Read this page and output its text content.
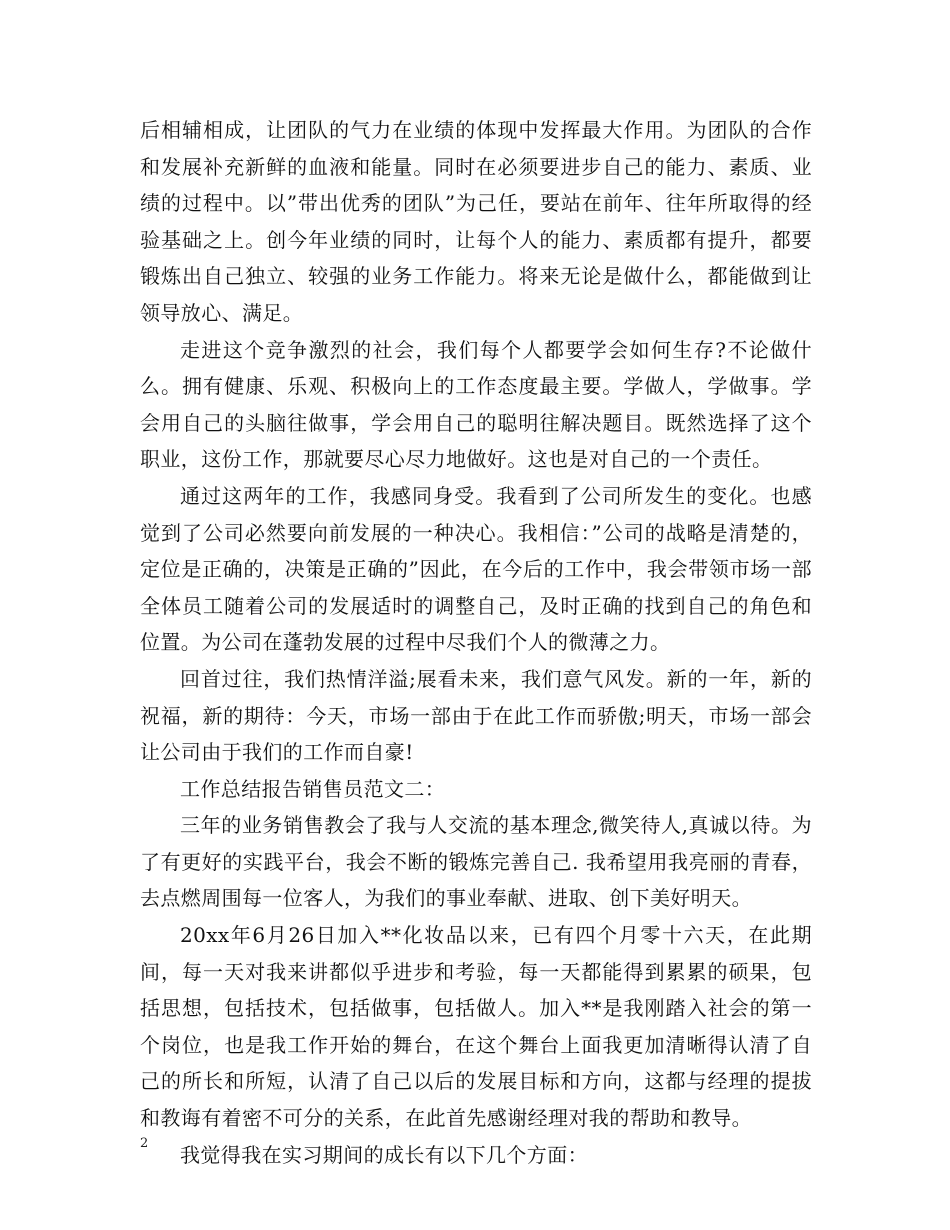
后相辅相成，让团队的气力在业绩的体现中发挥最大作用。为团队的合作和发展补充新鲜的血液和能量。同时在必须要进步自己的能力、素质、业绩的过程中。以”带出优秀的团队”为己任，要站在前年、往年所取得的经验基础之上。创今年业绩的同时，让每个人的能力、素质都有提升，都要锻炼出自己独立、较强的业务工作能力。将来无论是做什么，都能做到让领导放心、满足。

走进这个竞争激烈的社会，我们每个人都要学会如何生存?不论做什么。拥有健康、乐观、积极向上的工作态度最主要。学做人，学做事。学会用自己的头脑往做事，学会用自己的聪明往解决题目。既然选择了这个职业，这份工作，那就要尽心尽力地做好。这也是对自己的一个责任。

通过这两年的工作，我感同身受。我看到了公司所发生的变化。也感觉到了公司必然要向前发展的一种决心。我相信：”公司的战略是清楚的，定位是正确的，决策是正确的”因此，在今后的工作中，我会带领市场一部全体员工随着公司的发展适时的调整自己，及时正确的找到自己的角色和位置。为公司在蓬勃发展的过程中尽我们个人的微薄之力。

回首过往，我们热情洋溢;展看未来，我们意气风发。新的一年，新的祝福，新的期待：今天，市场一部由于在此工作而骄傲;明天，市场一部会让公司由于我们的工作而自豪!

工作总结报告销售员范文二：

三年的业务销售教会了我与人交流的基本理念,微笑待人,真诚以待。为了有更好的实践平台，我会不断的锻炼完善自己. 我希望用我亮丽的青春，去点燃周围每一位客人，为我们的事业奉献、进取、创下美好明天。

20xx年6月26日加入**化妆品以来，已有四个月零十六天，在此期间，每一天对我来讲都似乎进步和考验，每一天都能得到累累的硕果，包括思想，包括技术，包括做事，包括做人。加入**是我刚踏入社会的第一个岗位，也是我工作开始的舞台，在这个舞台上面我更加清晰得认清了自己的所长和所短，认清了自己以后的发展目标和方向，这都与经理的提拔和教诲有着密不可分的关系，在此首先感谢经理对我的帮助和教导。

我觉得我在实习期间的成长有以下几个方面：

2
